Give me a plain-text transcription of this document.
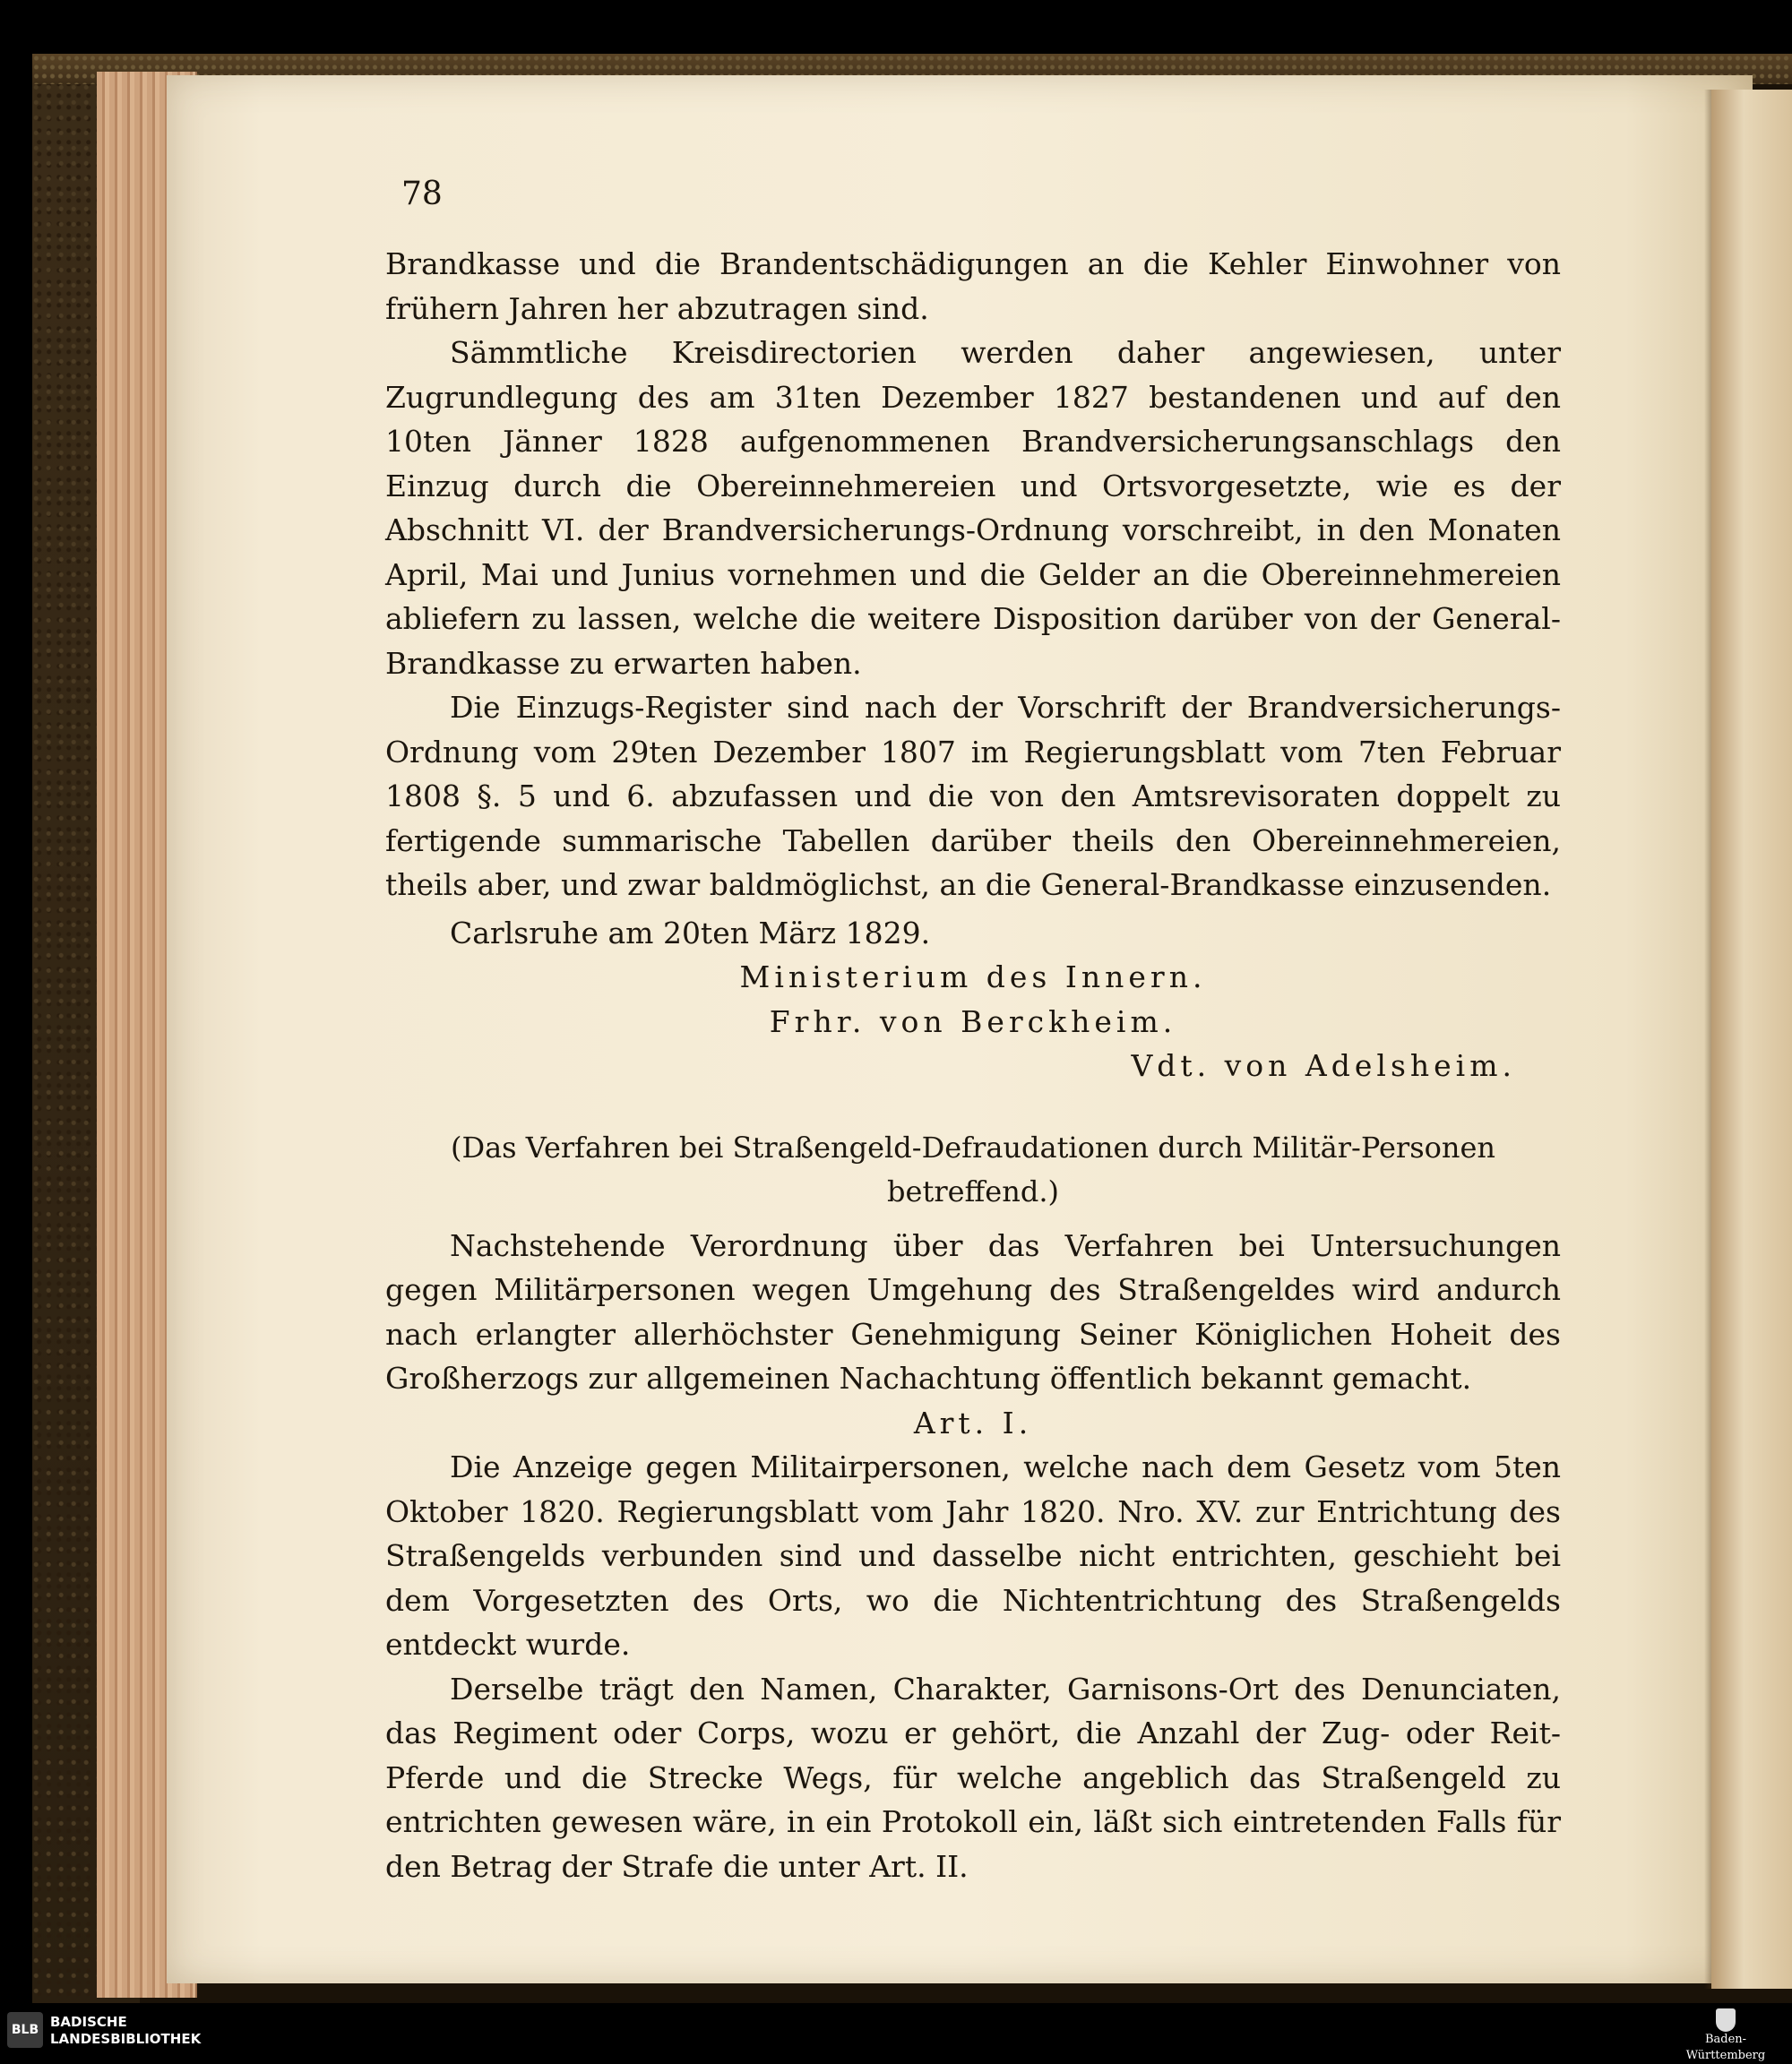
78

Brandkasse und die Brandentschädigungen an die Kehler Einwohner von frühern Jahren her abzutragen sind.

Sämmtliche Kreisdirectorien werden daher angewiesen, unter Zugrundlegung des am 31ten Dezember 1827 bestandenen und auf den 10ten Jänner 1828 aufgenommenen Brandversicherungsanschlags den Einzug durch die Obereinnehmereien und Ortsvorgesetzte, wie es der Abschnitt VI. der Brandversicherungs-Ordnung vorschreibt, in den Monaten April, Mai und Junius vornehmen und die Gelder an die Obereinnehmereien abliefern zu lassen, welche die weitere Disposition darüber von der General-Brandkasse zu erwarten haben.

Die Einzugs-Register sind nach der Vorschrift der Brandversicherungs-Ordnung vom 29ten Dezember 1807 im Regierungsblatt vom 7ten Februar 1808 §. 5 und 6. abzufassen und die von den Amtsrevisoraten doppelt zu fertigende summarische Tabellen darüber theils den Obereinnehmereien, theils aber, und zwar baldmöglichst, an die General-Brandkasse einzusenden.

Carlsruhe am 20ten März 1829.

Ministerium des Innern.

Frhr. von Berckheim.

Vdt. von Adelsheim.

(Das Verfahren bei Straßengeld-Defraudationen durch Militär-Personen betreffend.)

Nachstehende Verordnung über das Verfahren bei Untersuchungen gegen Militärpersonen wegen Umgehung des Straßengeldes wird andurch nach erlangter allerhöchster Genehmigung Seiner Königlichen Hoheit des Großherzogs zur allgemeinen Nachachtung öffentlich bekannt gemacht.

Art. I.

Die Anzeige gegen Militairpersonen, welche nach dem Gesetz vom 5ten Oktober 1820. Regierungsblatt vom Jahr 1820. Nro. XV. zur Entrichtung des Straßengelds verbunden sind und dasselbe nicht entrichten, geschieht bei dem Vorgesetzten des Orts, wo die Nichtentrichtung des Straßengelds entdeckt wurde.

Derselbe trägt den Namen, Charakter, Garnisons-Ort des Denunciaten, das Regiment oder Corps, wozu er gehört, die Anzahl der Zug- oder Reit-Pferde und die Strecke Wegs, für welche angeblich das Straßengeld zu entrichten gewesen wäre, in ein Protokoll ein, läßt sich eintretenden Falls für den Betrag der Strafe die unter Art. II.

BLB BADISCHE
LANDESBIBLIOTHEK	Baden-Württemberg
